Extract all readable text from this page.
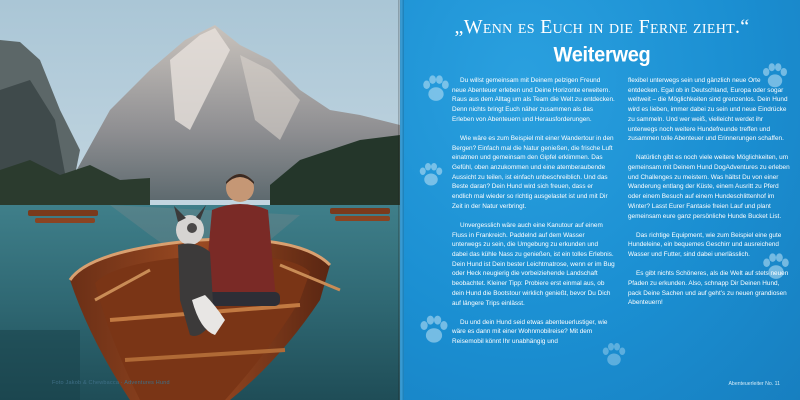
Foto Jakob & Chewbacca · Adventures Hund
„Wenn es Euch in die Ferne zieht.“
Weiterweg

Du willst gemeinsam mit Deinem pelzigen Freund neue Abenteuer erleben und Deine Horizonte erweitern. Raus aus dem Alltag um als Team die Welt zu entdecken. Denn nichts bringt Euch näher zusammen als das Erleben von Abenteuern und Herausforderungen.

Wie wäre es zum Beispiel mit einer Wandertour in den Bergen? Einfach mal die Natur genießen, die frische Luft einatmen und gemeinsam den Gipfel erklimmen. Das Gefühl, oben anzukommen und eine atemberaubende Aussicht zu teilen, ist einfach unbeschreiblich. Und das Beste daran? Dein Hund wird sich freuen, dass er endlich mal wieder so richtig ausgelastet ist und mit Dir Zeit in der Natur verbringt.

Unvergesslich wäre auch eine Kanutour auf einem Fluss in Frankreich. Paddelnd auf dem Wasser unterwegs zu sein, die Umgebung zu erkunden und dabei das kühle Nass zu genießen, ist ein tolles Erlebnis. Dein Hund ist Dein bester Leichtmatrose, wenn er im Bug oder Heck neugierig die vorbeiziehende Landschaft beobachtet. Kleiner Tipp: Probiere erst einmal aus, ob dein Hund die Bootstour wirklich genießt, bevor Du Dich auf längere Trips einlässt.

Du und dein Hund seid etwas abenteuerlustiger, wie wäre es dann mit einer Wohnmobilreise? Mit dem Reisemobil könnt Ihr unabhängig und

flexibel unterwegs sein und gänzlich neue Orte entdecken. Egal ob in Deutschland, Europa oder sogar weltweit – die Möglichkeiten sind grenzenlos. Dein Hund wird es lieben, immer dabei zu sein und neue Eindrücke zu sammeln. Und wer weiß, vielleicht werdet ihr unterwegs noch weitere Hundefreunde treffen und zusammen tolle Abenteuer und Erinnerungen schaffen.

Natürlich gibt es noch viele weitere Möglichkeiten, um gemeinsam mit Deinem Hund DogAdventures zu erleben und Challenges zu meistern. Was hältst Du von einer Wanderung entlang der Küste, einem Ausritt zu Pferd oder einem Besuch auf einem Hundeschlittenhof im Winter? Lasst Eurer Fantasie freien Lauf und plant gemeinsam eure ganz persönliche Hunde Bucket List.

Das richtige Equipment, wie zum Beispiel eine gute Hundeleine, ein bequemes Geschirr und ausreichend Wasser und Futter, sind dabei unerlässlich.

Es gibt nichts Schöneres, als die Welt auf stets neuen Pfaden zu erkunden. Also, schnapp Dir Deinen Hund, pack Deine Sachen und auf geht’s zu neuen grandiosen Abenteuern!

Abenteuerleiter No. 11
